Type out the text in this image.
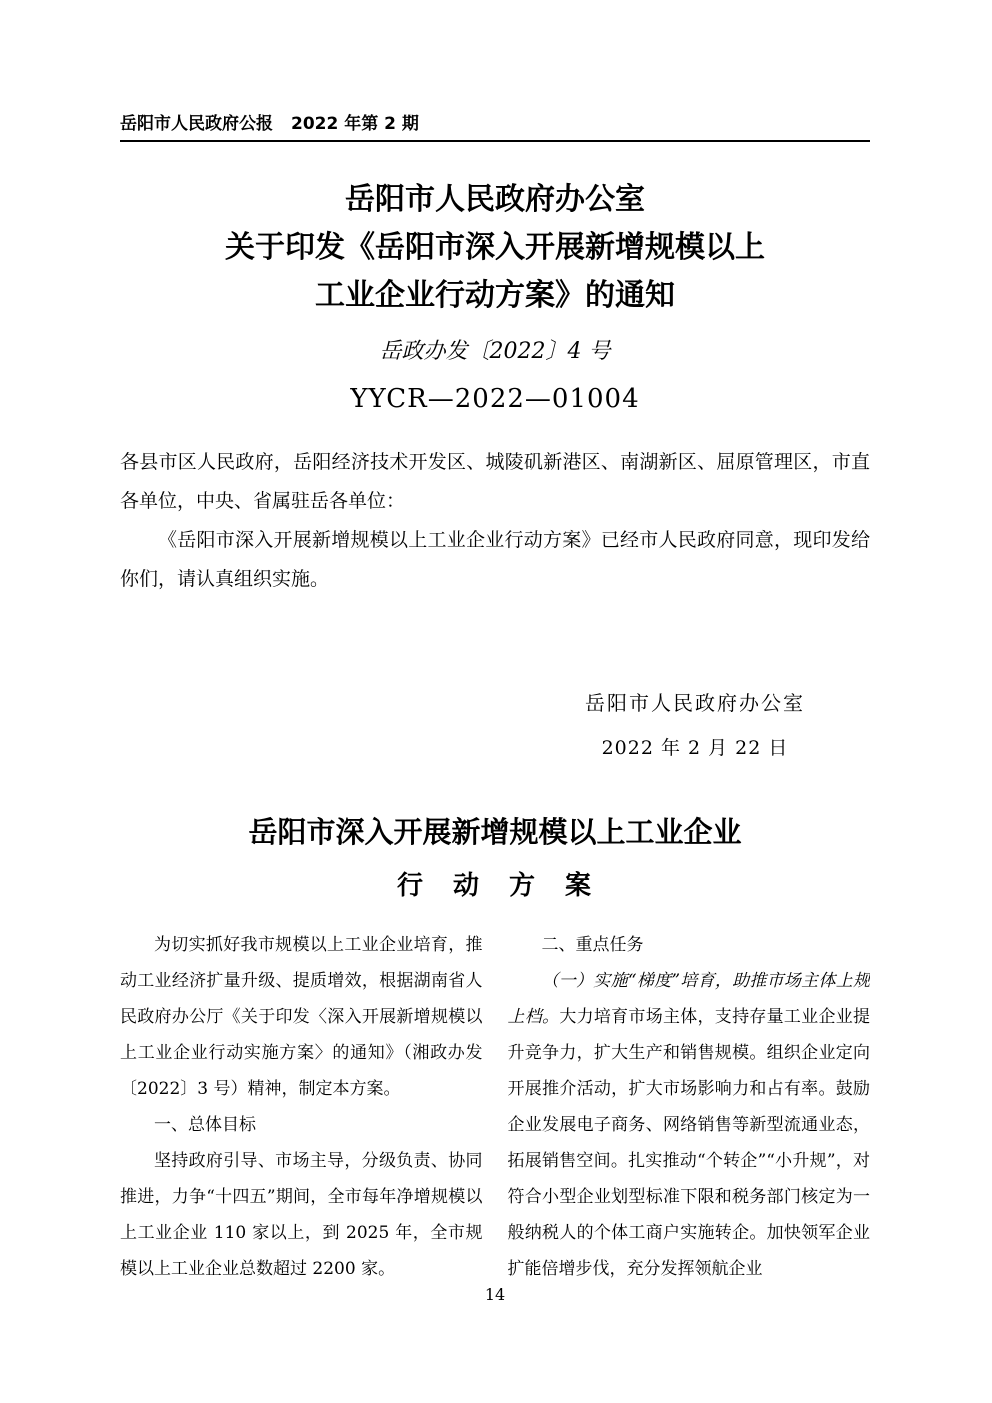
岳阳市人民政府公报 2022 年第 2 期
岳阳市人民政府办公室
关于印发《岳阳市深入开展新增规模以上
工业企业行动方案》的通知
岳政办发〔2022〕4 号
YYCR—2022—01004

各县市区人民政府，岳阳经济技术开发区、城陵矶新港区、南湖新区、屈原管理区，市直各单位，中央、省属驻岳各单位：

《岳阳市深入开展新增规模以上工业企业行动方案》已经市人民政府同意，现印发给你们，请认真组织实施。

岳阳市人民政府办公室
2022 年 2 月 22 日
岳阳市深入开展新增规模以上工业企业
行　动　方　案

为切实抓好我市规模以上工业企业培育，推动工业经济扩量升级、提质增效，根据湖南省人民政府办公厅《关于印发〈深入开展新增规模以上工业企业行动实施方案〉的通知》（湘政办发〔2022〕3 号）精神，制定本方案。

一、总体目标

坚持政府引导、市场主导，分级负责、协同推进，力争“十四五”期间，全市每年净增规模以上工业企业 110 家以上，到 2025 年，全市规模以上工业企业总数超过 2200 家。

二、重点任务

（一）实施“梯度”培育，助推市场主体上规上档。大力培育市场主体，支持存量工业企业提升竞争力，扩大生产和销售规模。组织企业定向开展推介活动，扩大市场影响力和占有率。鼓励企业发展电子商务、网络销售等新型流通业态，拓展销售空间。扎实推动“个转企”“小升规”，对符合小型企业划型标准下限和税务部门核定为一般纳税人的个体工商户实施转企。加快领军企业扩能倍增步伐，充分发挥领航企业

14
